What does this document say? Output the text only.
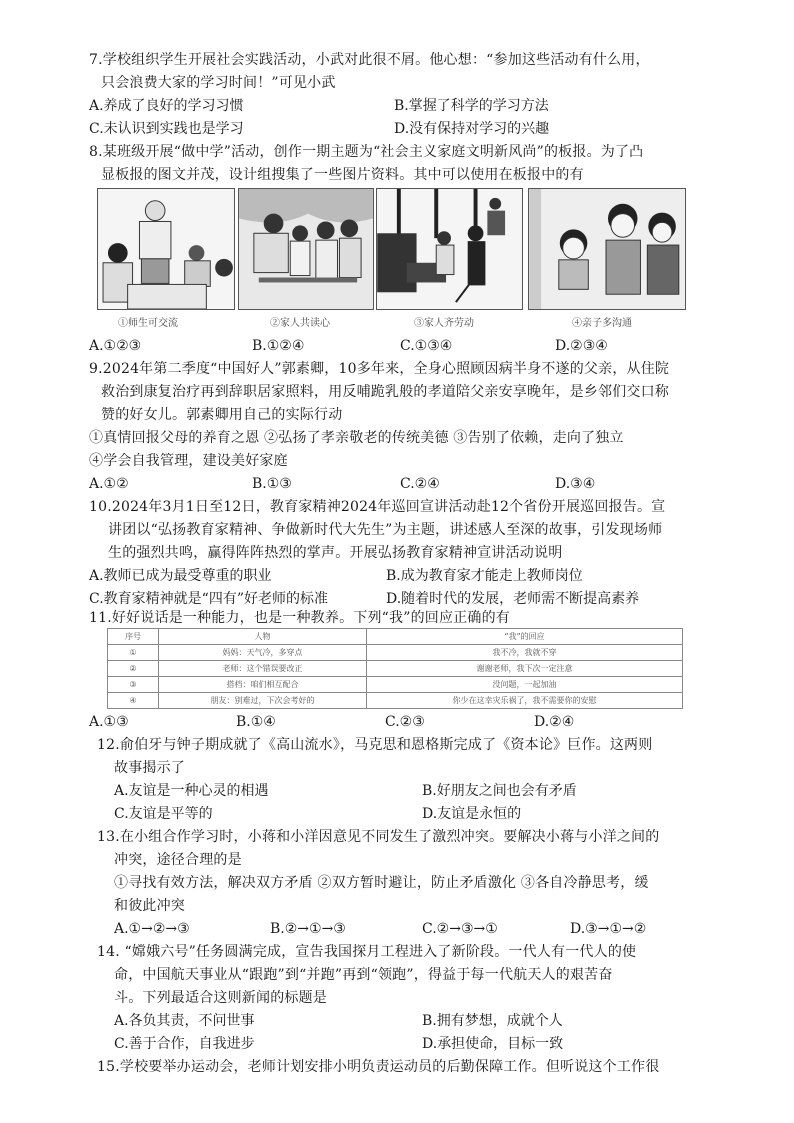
7.学校组织学生开展社会实践活动，小武对此很不屑。他心想：“参加这些活动有什么用，
只会浪费大家的学习时间！”可见小武
A.养成了良好的学习习惯	B.掌握了科学的学习方法
C.未认识到实践也是学习	D.没有保持对学习的兴趣
8.某班级开展“做中学”活动，创作一期主题为“社会主义家庭文明新风尚”的板报。为了凸
显板报的图文并茂，设计组搜集了一些图片资料。其中可以使用在板报中的有
①师生可交流	②家人共读心	③家人齐劳动	④亲子多沟通
A.①②③	B.①②④	C.①③④	D.②③④
9.2024年第二季度“中国好人”郭素卿，10多年来，全身心照顾因病半身不遂的父亲，从住院
救治到康复治疗再到辞职居家照料，用反哺跪乳般的孝道陪父亲安享晚年，是乡邻们交口称
赞的好女儿。郭素卿用自己的实际行动
①真情回报父母的养育之恩 ②弘扬了孝亲敬老的传统美德 ③告别了依赖，走向了独立
④学会自我管理，建设美好家庭
A.①②	B.①③	C.②④	D.③④
10.2024年3月1日至12日，教育家精神2024年巡回宣讲活动赴12个省份开展巡回报告。宣
讲团以“弘扬教育家精神、争做新时代大先生”为主题，讲述感人至深的故事，引发现场师
生的强烈共鸣，赢得阵阵热烈的掌声。开展弘扬教育家精神宣讲活动说明
A.教师已成为最受尊重的职业	B.成为教育家才能走上教师岗位
C.教育家精神就是“四有”好老师的标准	D.随着时代的发展，老师需不断提高素养
11.好好说话是一种能力，也是一种教养。下列“我”的回应正确的有
序号	人物	“我”的回应
①	妈妈：天气冷，多穿点	我不冷，我就不穿
②	老师：这个错误要改正	谢谢老师，我下次一定注意
③	搭档：咱们相互配合	没问题，一起加油
④	朋友：别难过，下次会考好的	你少在这幸灾乐祸了，我不需要你的安慰
A.①③	B.①④	C.②③	D.②④
12.俞伯牙与钟子期成就了《高山流水》，马克思和恩格斯完成了《资本论》巨作。这两则
故事揭示了
A.友谊是一种心灵的相遇	B.好朋友之间也会有矛盾
C.友谊是平等的	D.友谊是永恒的
13.在小组合作学习时，小蒋和小洋因意见不同发生了激烈冲突。要解决小蒋与小洋之间的
冲突，途径合理的是
①寻找有效方法，解决双方矛盾 ②双方暂时避让，防止矛盾激化 ③各自冷静思考，缓
和彼此冲突
A.①→②→③	B.②→①→③	C.②→③→①	D.③→①→②
14. “嫦娥六号”任务圆满完成，宣告我国探月工程进入了新阶段。一代人有一代人的使
命，中国航天事业从“跟跑”到“并跑”再到“领跑”，得益于每一代航天人的艰苦奋
斗。下列最适合这则新闻的标题是
A.各负其责，不问世事	B.拥有梦想，成就个人
C.善于合作，自我进步	D.承担使命，目标一致
15.学校要举办运动会，老师计划安排小明负责运动员的后勤保障工作。但听说这个工作很
